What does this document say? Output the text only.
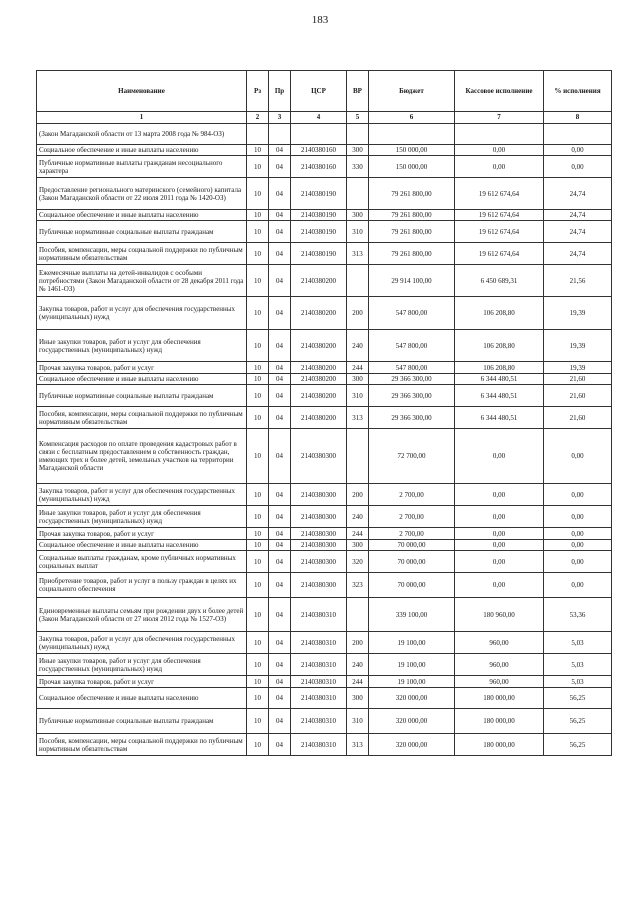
183
Наименование	Рз	Пр	ЦСР	ВР	Бюджет	Кассовое исполнение	% исполнения
1	2	3	4	5	6	7	8
(Закон Магаданской области от 13 марта 2008 года № 984-ОЗ)							
Социальное обеспечение и иные выплаты населению	10	04	2140380160	300	150 000,00	0,00	0,00
Публичные нормативные выплаты гражданам несоциального характера	10	04	2140380160	330	150 000,00	0,00	0,00
Предоставление регионального материнского (семейного) капитала (Закон Магаданской области от 22 июля 2011 года № 1420-ОЗ)	10	04	2140380190		79 261 800,00	19 612 674,64	24,74
Социальное обеспечение и иные выплаты населению	10	04	2140380190	300	79 261 800,00	19 612 674,64	24,74
Публичные нормативные социальные выплаты гражданам	10	04	2140380190	310	79 261 800,00	19 612 674,64	24,74
Пособия, компенсации, меры социальной поддержки по публичным нормативным обязательствам	10	04	2140380190	313	79 261 800,00	19 612 674,64	24,74
Ежемесячные выплаты на детей-инвалидов с особыми потребностями (Закон Магаданской области от 28 декабря 2011 года № 1461-ОЗ)	10	04	2140380200		29 914 100,00	6 450 689,31	21,56
Закупка товаров, работ и услуг для обеспечения государственных (муниципальных) нужд	10	04	2140380200	200	547 800,00	106 208,80	19,39
Иные закупки товаров, работ и услуг для обеспечения государственных (муниципальных) нужд	10	04	2140380200	240	547 800,00	106 208,80	19,39
Прочая закупка товаров, работ и услуг	10	04	2140380200	244	547 800,00	106 208,80	19,39
Социальное обеспечение и иные выплаты населению	10	04	2140380200	300	29 366 300,00	6 344 480,51	21,60
Публичные нормативные социальные выплаты гражданам	10	04	2140380200	310	29 366 300,00	6 344 480,51	21,60
Пособия, компенсации, меры социальной поддержки по публичным нормативным обязательствам	10	04	2140380200	313	29 366 300,00	6 344 480,51	21,60
Компенсация расходов по оплате проведения кадастровых работ в связи с бесплатным предоставлением в собственность граждан, имеющих трех и более детей, земельных участков на территории Магаданской области	10	04	2140380300		72 700,00	0,00	0,00
Закупка товаров, работ и услуг для обеспечения государственных (муниципальных) нужд	10	04	2140380300	200	2 700,00	0,00	0,00
Иные закупки товаров, работ и услуг для обеспечения государственных (муниципальных) нужд	10	04	2140380300	240	2 700,00	0,00	0,00
Прочая закупка товаров, работ и услуг	10	04	2140380300	244	2 700,00	0,00	0,00
Социальное обеспечение и иные выплаты населению	10	04	2140380300	300	70 000,00	0,00	0,00
Социальные выплаты гражданам, кроме публичных нормативных социальных выплат	10	04	2140380300	320	70 000,00	0,00	0,00
Приобретение товаров, работ и услуг в пользу граждан в целях их социального обеспечения	10	04	2140380300	323	70 000,00	0,00	0,00
Единовременные выплаты семьям при рождении двух и более детей (Закон Магаданской области от 27 июля 2012 года № 1527-ОЗ)	10	04	2140380310		339 100,00	180 960,00	53,36
Закупка товаров, работ и услуг для обеспечения государственных (муниципальных) нужд	10	04	2140380310	200	19 100,00	960,00	5,03
Иные закупки товаров, работ и услуг для обеспечения государственных (муниципальных) нужд	10	04	2140380310	240	19 100,00	960,00	5,03
Прочая закупка товаров, работ и услуг	10	04	2140380310	244	19 100,00	960,00	5,03
Социальное обеспечение и иные выплаты населению	10	04	2140380310	300	320 000,00	180 000,00	56,25
Публичные нормативные социальные выплаты гражданам	10	04	2140380310	310	320 000,00	180 000,00	56,25
Пособия, компенсации, меры социальной поддержки по публичным нормативным обязательствам	10	04	2140380310	313	320 000,00	180 000,00	56,25
